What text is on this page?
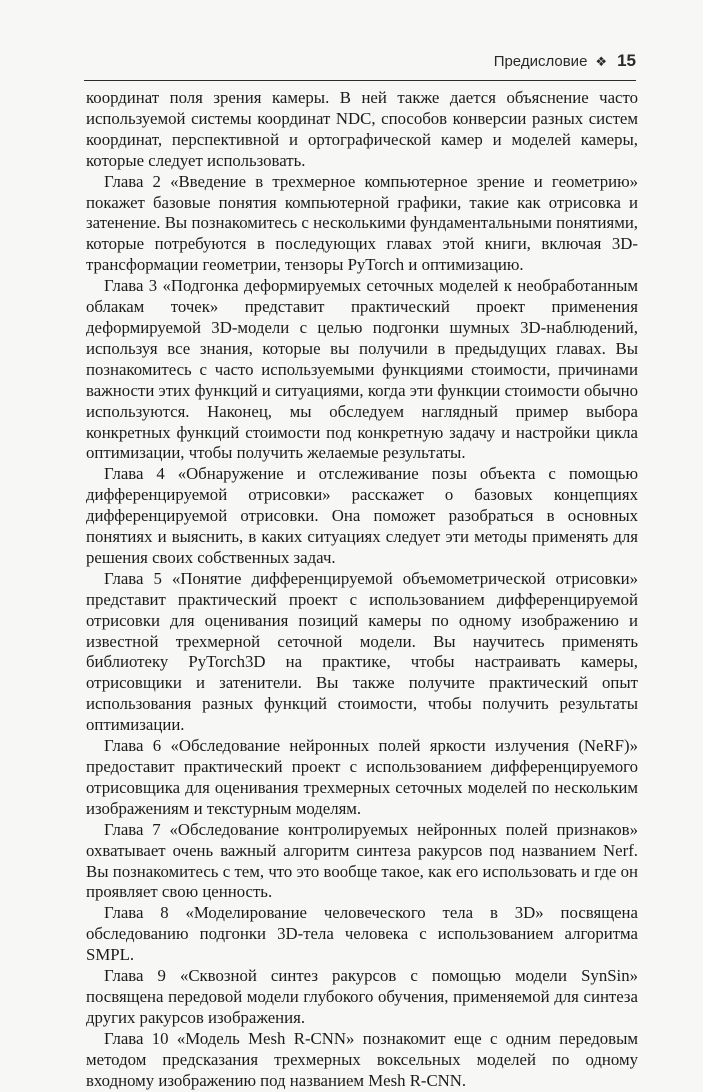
Предисловие ❖ 15

координат поля зрения камеры. В ней также дается объяснение часто используемой системы координат NDC, способов конверсии разных систем координат, перспективной и ортографической камер и моделей камеры, которые следует использовать.

Глава 2 «Введение в трехмерное компьютерное зрение и геометрию» покажет базовые понятия компьютерной графики, такие как отрисовка и затенение. Вы познакомитесь с несколькими фундаментальными понятиями, которые потребуются в последующих главах этой книги, включая 3D-трансформации геометрии, тензоры PyTorch и оптимизацию.

Глава 3 «Подгонка деформируемых сеточных моделей к необработанным облакам точек» представит практический проект применения деформируемой 3D-модели с целью подгонки шумных 3D-наблюдений, используя все знания, которые вы получили в предыдущих главах. Вы познакомитесь с часто используемыми функциями стоимости, причинами важности этих функций и ситуациями, когда эти функции стоимости обычно используются. Наконец, мы обследуем наглядный пример выбора конкретных функций стоимости под конкретную задачу и настройки цикла оптимизации, чтобы получить желаемые результаты.

Глава 4 «Обнаружение и отслеживание позы объекта с помощью дифференцируемой отрисовки» расскажет о базовых концепциях дифференцируемой отрисовки. Она поможет разобраться в основных понятиях и выяснить, в каких ситуациях следует эти методы применять для решения своих собственных задач.

Глава 5 «Понятие дифференцируемой объемометрической отрисовки» представит практический проект с использованием дифференцируемой отрисовки для оценивания позиций камеры по одному изображению и известной трехмерной сеточной модели. Вы научитесь применять библиотеку PyTorch3D на практике, чтобы настраивать камеры, отрисовщики и затенители. Вы также получите практический опыт использования разных функций стоимости, чтобы получить результаты оптимизации.

Глава 6 «Обследование нейронных полей яркости излучения (NeRF)» предоставит практический проект с использованием дифференцируемого отрисовщика для оценивания трехмерных сеточных моделей по нескольким изображениям и текстурным моделям.

Глава 7 «Обследование контролируемых нейронных полей признаков» охватывает очень важный алгоритм синтеза ракурсов под названием Nerf. Вы познакомитесь с тем, что это вообще такое, как его использовать и где он проявляет свою ценность.

Глава 8 «Моделирование человеческого тела в 3D» посвящена обследованию подгонки 3D-тела человека с использованием алгоритма SMPL.

Глава 9 «Сквозной синтез ракурсов с помощью модели SynSin» посвящена передовой модели глубокого обучения, применяемой для синтеза других ракурсов изображения.

Глава 10 «Модель Mesh R-CNN» познакомит еще с одним передовым методом предсказания трехмерных воксельных моделей по одному входному изображению под названием Mesh R-CNN.
